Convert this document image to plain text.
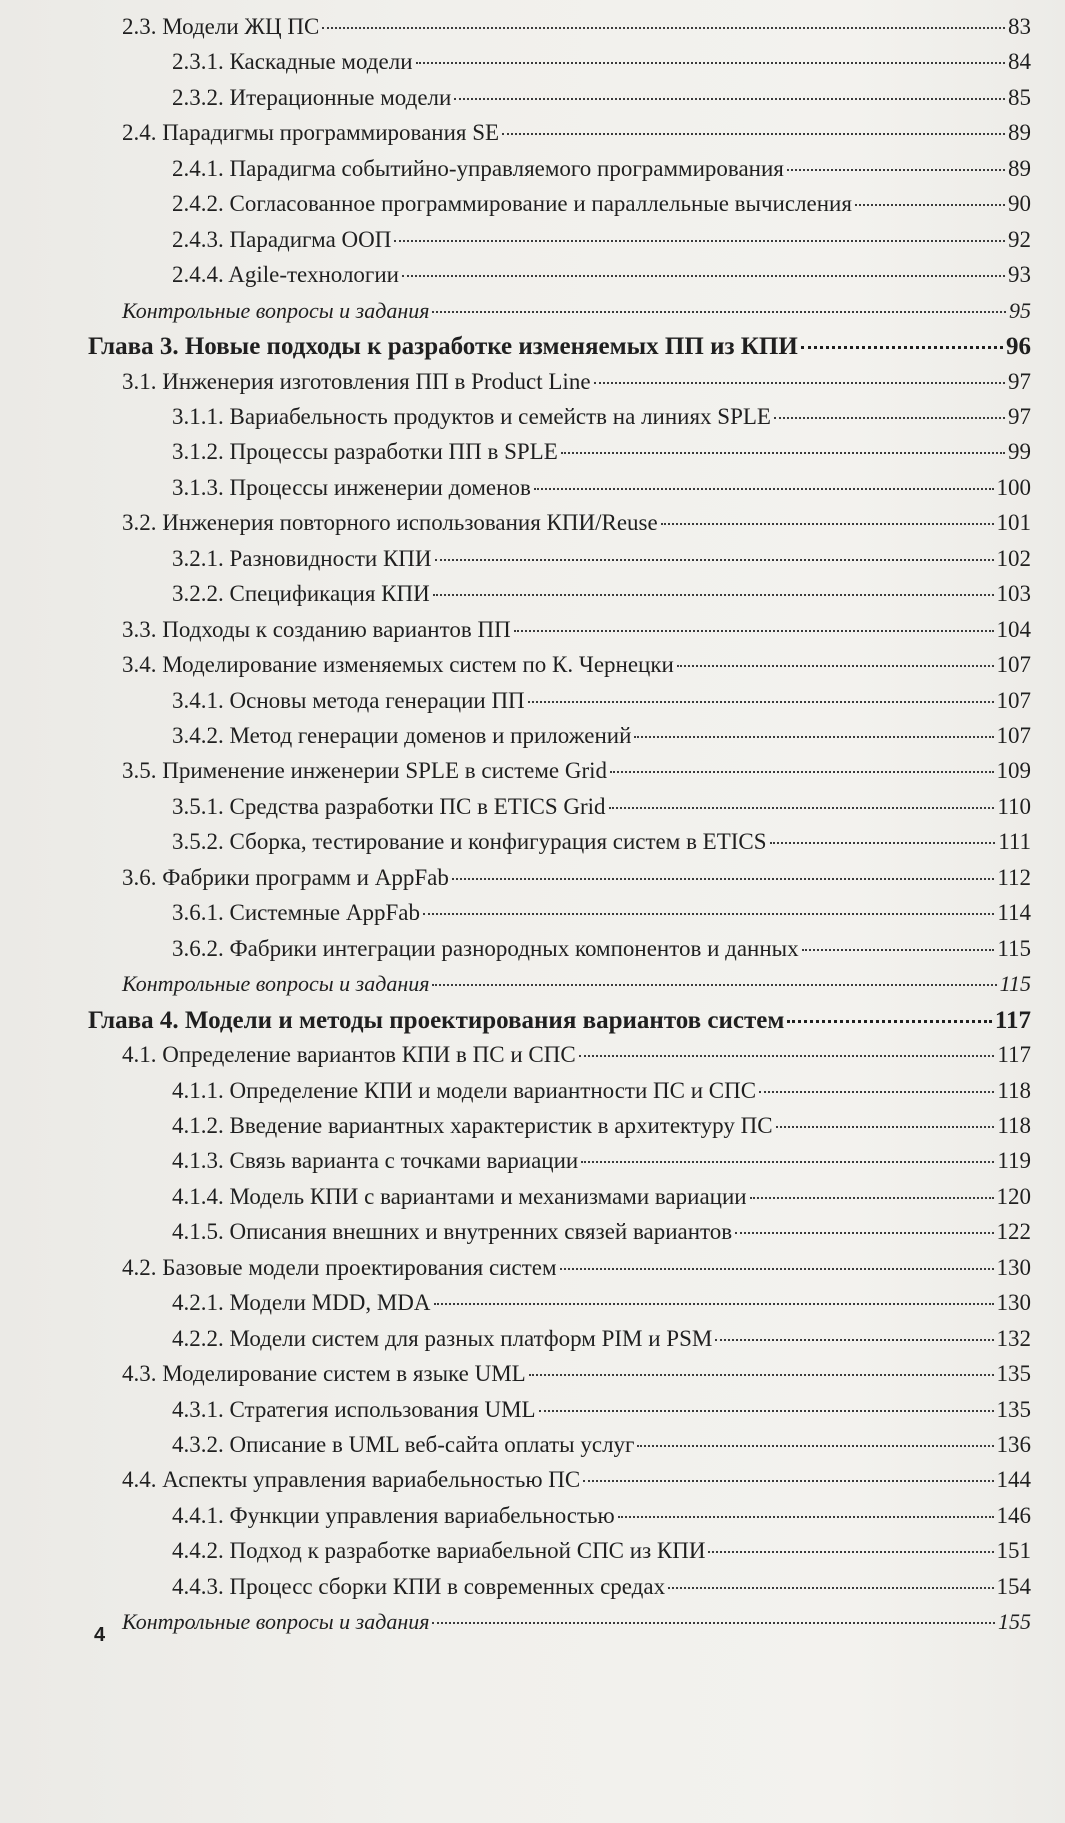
2.3. Модели ЖЦ ПС	83
2.3.1. Каскадные модели	84
2.3.2. Итерационные модели	85
2.4. Парадигмы программирования SE	89
2.4.1. Парадигма событийно-управляемого программирования	89
2.4.2. Согласованное программирование и параллельные вычисления	90
2.4.3. Парадигма ООП	92
2.4.4. Agile-технологии	93
Контрольные вопросы и задания	95
Глава 3. Новые подходы к разработке изменяемых ПП из КПИ	96
3.1. Инженерия изготовления ПП в Product Line	97
3.1.1. Вариабельность продуктов и семейств на линиях SPLE	97
3.1.2. Процессы разработки ПП в SPLE	99
3.1.3. Процессы инженерии доменов	100
3.2. Инженерия повторного использования КПИ/Reuse	101
3.2.1. Разновидности КПИ	102
3.2.2. Спецификация КПИ	103
3.3. Подходы к созданию вариантов ПП	104
3.4. Моделирование изменяемых систем по К. Чернецки	107
3.4.1. Основы метода генерации ПП	107
3.4.2. Метод генерации доменов и приложений	107
3.5. Применение инженерии SPLE в системе Grid	109
3.5.1. Средства разработки ПС в ETICS Grid	110
3.5.2. Сборка, тестирование и конфигурация систем в ETICS	111
3.6. Фабрики программ и AppFab	112
3.6.1. Системные AppFab	114
3.6.2. Фабрики интеграции разнородных компонентов и данных	115
Контрольные вопросы и задания	115
Глава 4. Модели и методы проектирования вариантов систем	117
4.1. Определение вариантов КПИ в ПС и СПС	117
4.1.1. Определение КПИ и модели вариантности ПС и СПС	118
4.1.2. Введение вариантных характеристик в архитектуру ПС	118
4.1.3. Связь варианта с точками вариации	119
4.1.4. Модель КПИ с вариантами и механизмами вариации	120
4.1.5. Описания внешних и внутренних связей вариантов	122
4.2. Базовые модели проектирования систем	130
4.2.1. Модели MDD, MDA	130
4.2.2. Модели систем для разных платформ PIM и PSM	132
4.3. Моделирование систем в языке UML	135
4.3.1. Стратегия использования UML	135
4.3.2. Описание в UML веб-сайта оплаты услуг	136
4.4. Аспекты управления вариабельностью ПС	144
4.4.1. Функции управления вариабельностью	146
4.4.2. Подход к разработке вариабельной СПС из КПИ	151
4.4.3. Процесс сборки КПИ в современных средах	154
Контрольные вопросы и задания	155
4
